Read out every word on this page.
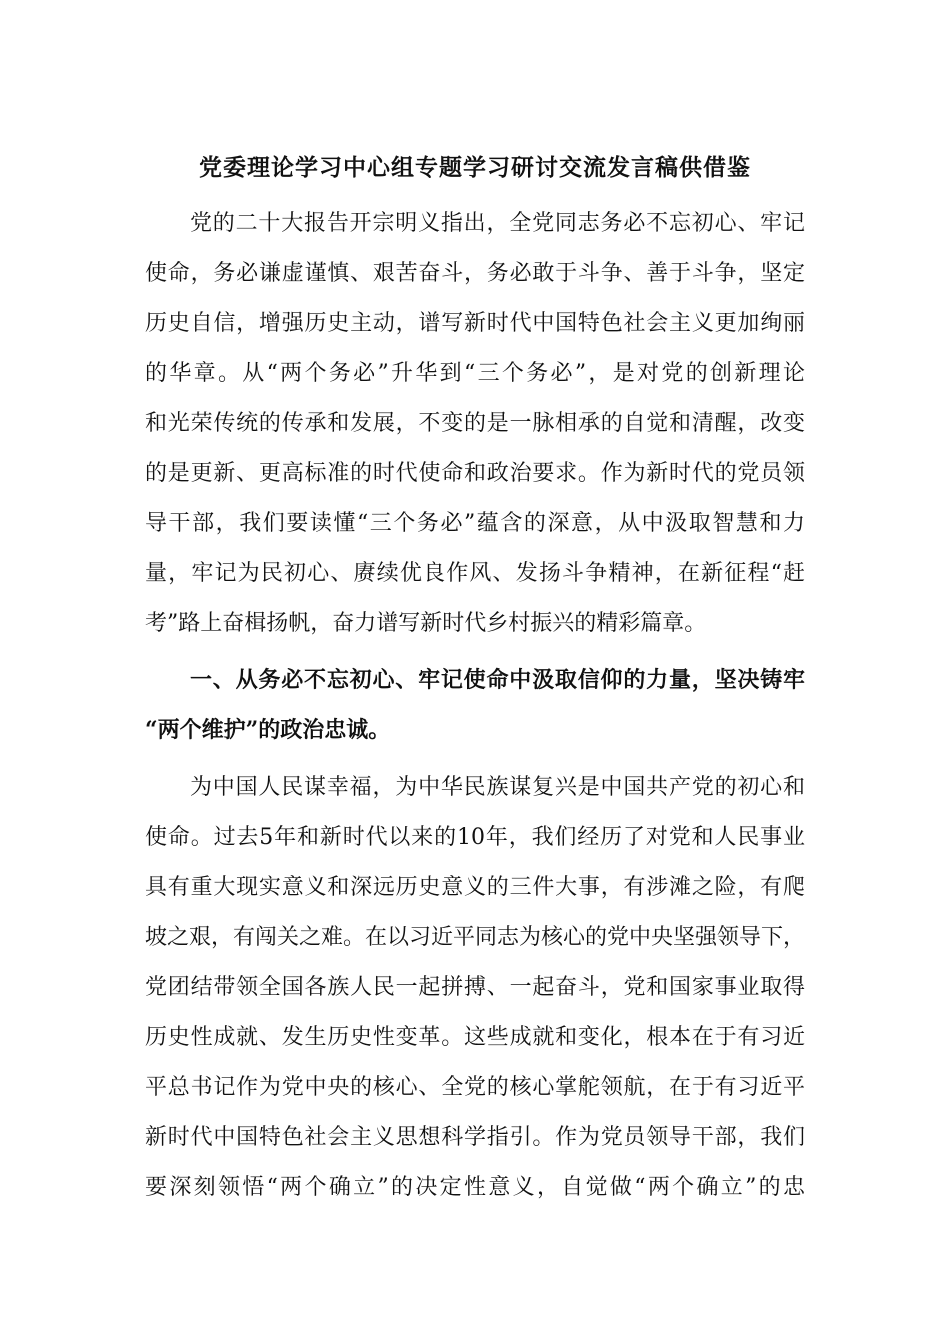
党委理论学习中心组专题学习研讨交流发言稿供借鉴
党的二十大报告开宗明义指出，全党同志务必不忘初心、牢记
使命，务必谦虚谨慎、艰苦奋斗，务必敢于斗争、善于斗争，坚定
历史自信，增强历史主动，谱写新时代中国特色社会主义更加绚丽
的华章。从“两个务必”升华到“三个务必”，是对党的创新理论
和光荣传统的传承和发展，不变的是一脉相承的自觉和清醒，改变
的是更新、更高标准的时代使命和政治要求。作为新时代的党员领
导干部，我们要读懂“三个务必”蕴含的深意，从中汲取智慧和力
量，牢记为民初心、赓续优良作风、发扬斗争精神，在新征程“赶
考”路上奋楫扬帆，奋力谱写新时代乡村振兴的精彩篇章。
一、从务必不忘初心、牢记使命中汲取信仰的力量，坚决铸牢
“两个维护”的政治忠诚。
为中国人民谋幸福，为中华民族谋复兴是中国共产党的初心和
使命。过去5年和新时代以来的10年，我们经历了对党和人民事业
具有重大现实意义和深远历史意义的三件大事，有涉滩之险，有爬
坡之艰，有闯关之难。在以习近平同志为核心的党中央坚强领导下，
党团结带领全国各族人民一起拼搏、一起奋斗，党和国家事业取得
历史性成就、发生历史性变革。这些成就和变化，根本在于有习近
平总书记作为党中央的核心、全党的核心掌舵领航，在于有习近平
新时代中国特色社会主义思想科学指引。作为党员领导干部，我们
要深刻领悟“两个确立”的决定性意义，自觉做“两个确立”的忠
